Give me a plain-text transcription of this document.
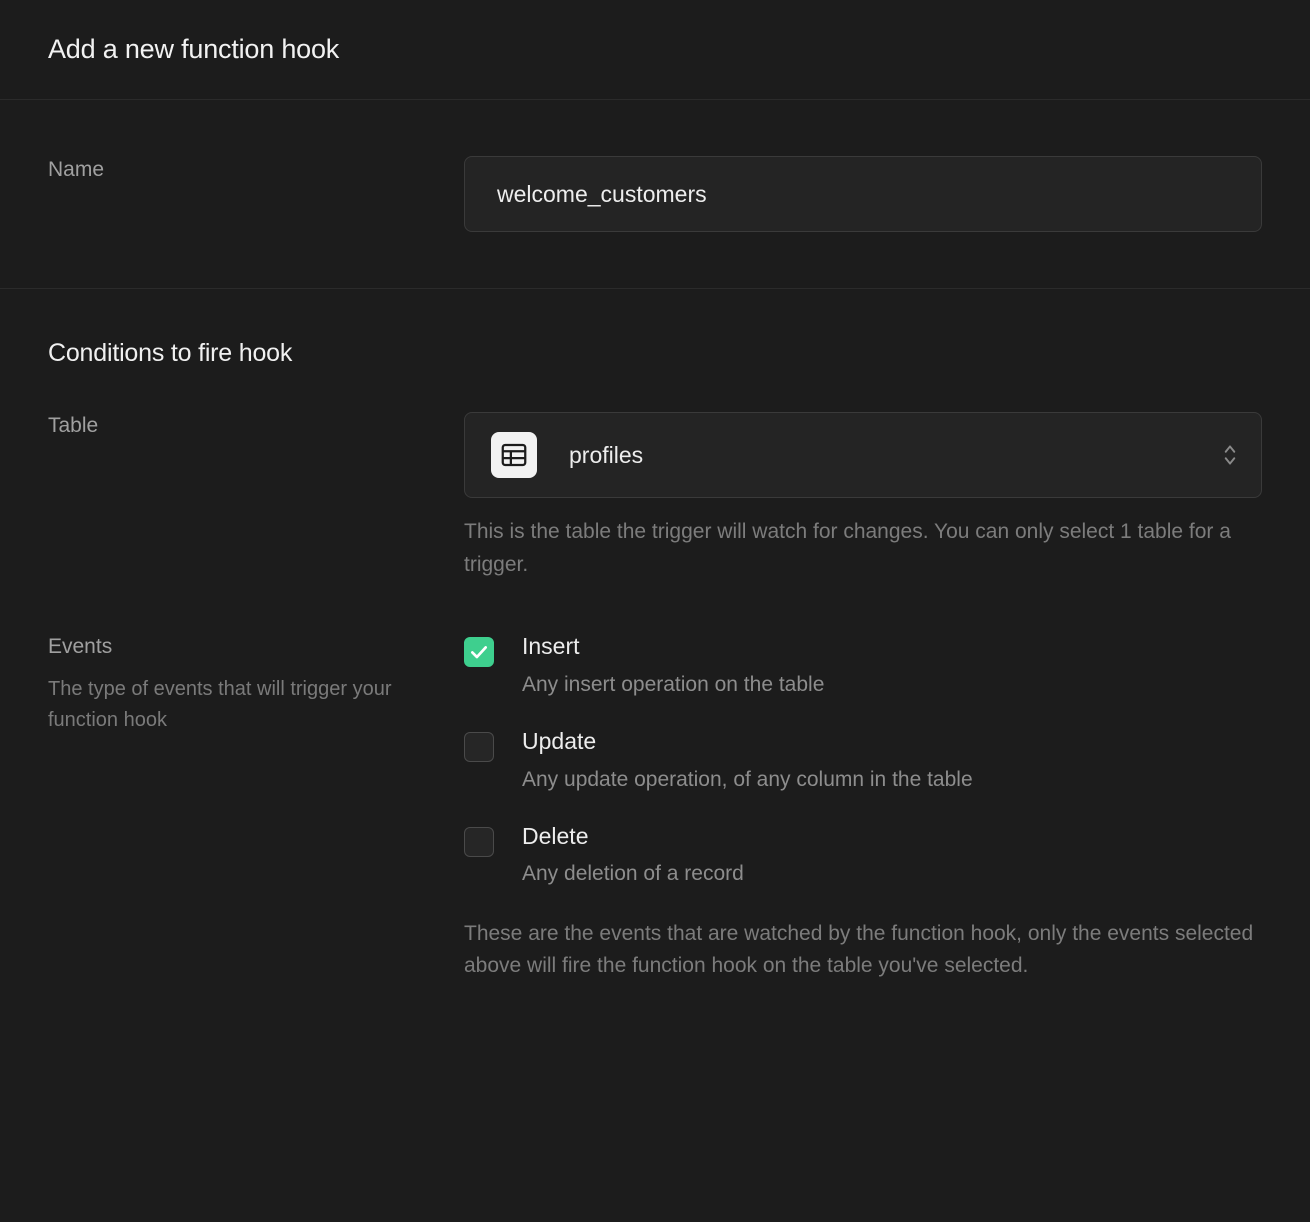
Add a new function hook
Name
welcome_customers
Conditions to fire hook
Table
profiles
This is the table the trigger will watch for changes. You can only select 1 table for a trigger.
Events
The type of events that will trigger your function hook
Insert
Any insert operation on the table
Update
Any update operation, of any column in the table
Delete
Any deletion of a record
These are the events that are watched by the function hook, only the events selected above will fire the function hook on the table you've selected.
